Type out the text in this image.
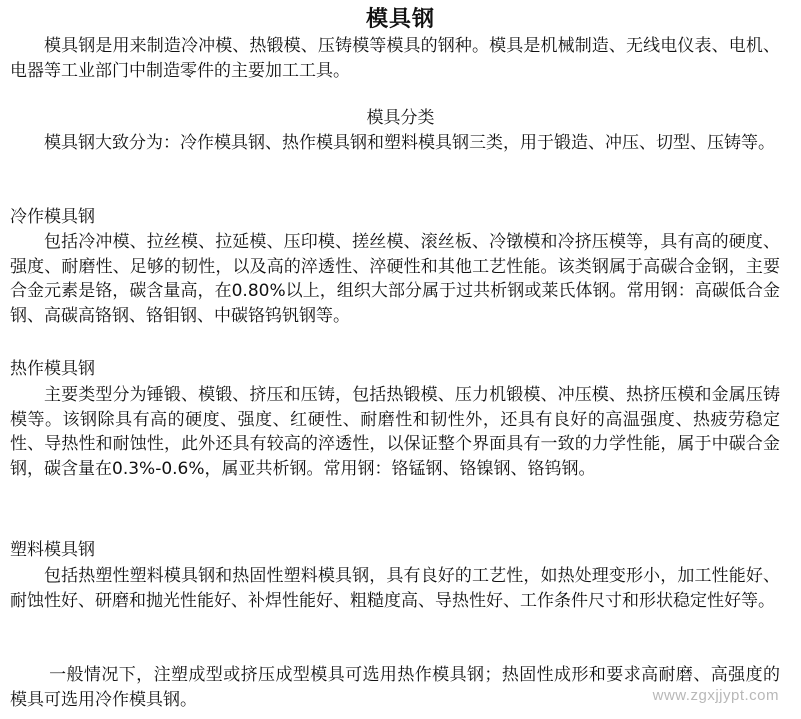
模具钢

模具钢是用来制造冷冲模、热锻模、压铸模等模具的钢种。模具是机械制造、无线电仪表、电机、电器等工业部门中制造零件的主要加工工具。

模具分类

模具钢大致分为：冷作模具钢、热作模具钢和塑料模具钢三类，用于锻造、冲压、切型、压铸等。

冷作模具钢

包括冷冲模、拉丝模、拉延模、压印模、搓丝模、滚丝板、冷镦模和冷挤压模等，具有高的硬度、强度、耐磨性、足够的韧性，以及高的淬透性、淬硬性和其他工艺性能。该类钢属于高碳合金钢，主要合金元素是铬，碳含量高，在0.80%以上，组织大部分属于过共析钢或莱氏体钢。常用钢：高碳低合金钢、高碳高铬钢、铬钼钢、中碳铬钨钒钢等。

热作模具钢

主要类型分为锤锻、模锻、挤压和压铸，包括热锻模、压力机锻模、冲压模、热挤压模和金属压铸模等。该钢除具有高的硬度、强度、红硬性、耐磨性和韧性外，还具有良好的高温强度、热疲劳稳定性、导热性和耐蚀性，此外还具有较高的淬透性，以保证整个界面具有一致的力学性能，属于中碳合金钢，碳含量在0.3%-0.6%，属亚共析钢。常用钢：铬锰钢、铬镍钢、铬钨钢。

塑料模具钢

包括热塑性塑料模具钢和热固性塑料模具钢，具有良好的工艺性，如热处理变形小，加工性能好、耐蚀性好、研磨和抛光性能好、补焊性能好、粗糙度高、导热性好、工作条件尺寸和形状稳定性好等。

一般情况下，注塑成型或挤压成型模具可选用热作模具钢；热固性成形和要求高耐磨、高强度的模具可选用冷作模具钢。	www.zgxjjypt.com
